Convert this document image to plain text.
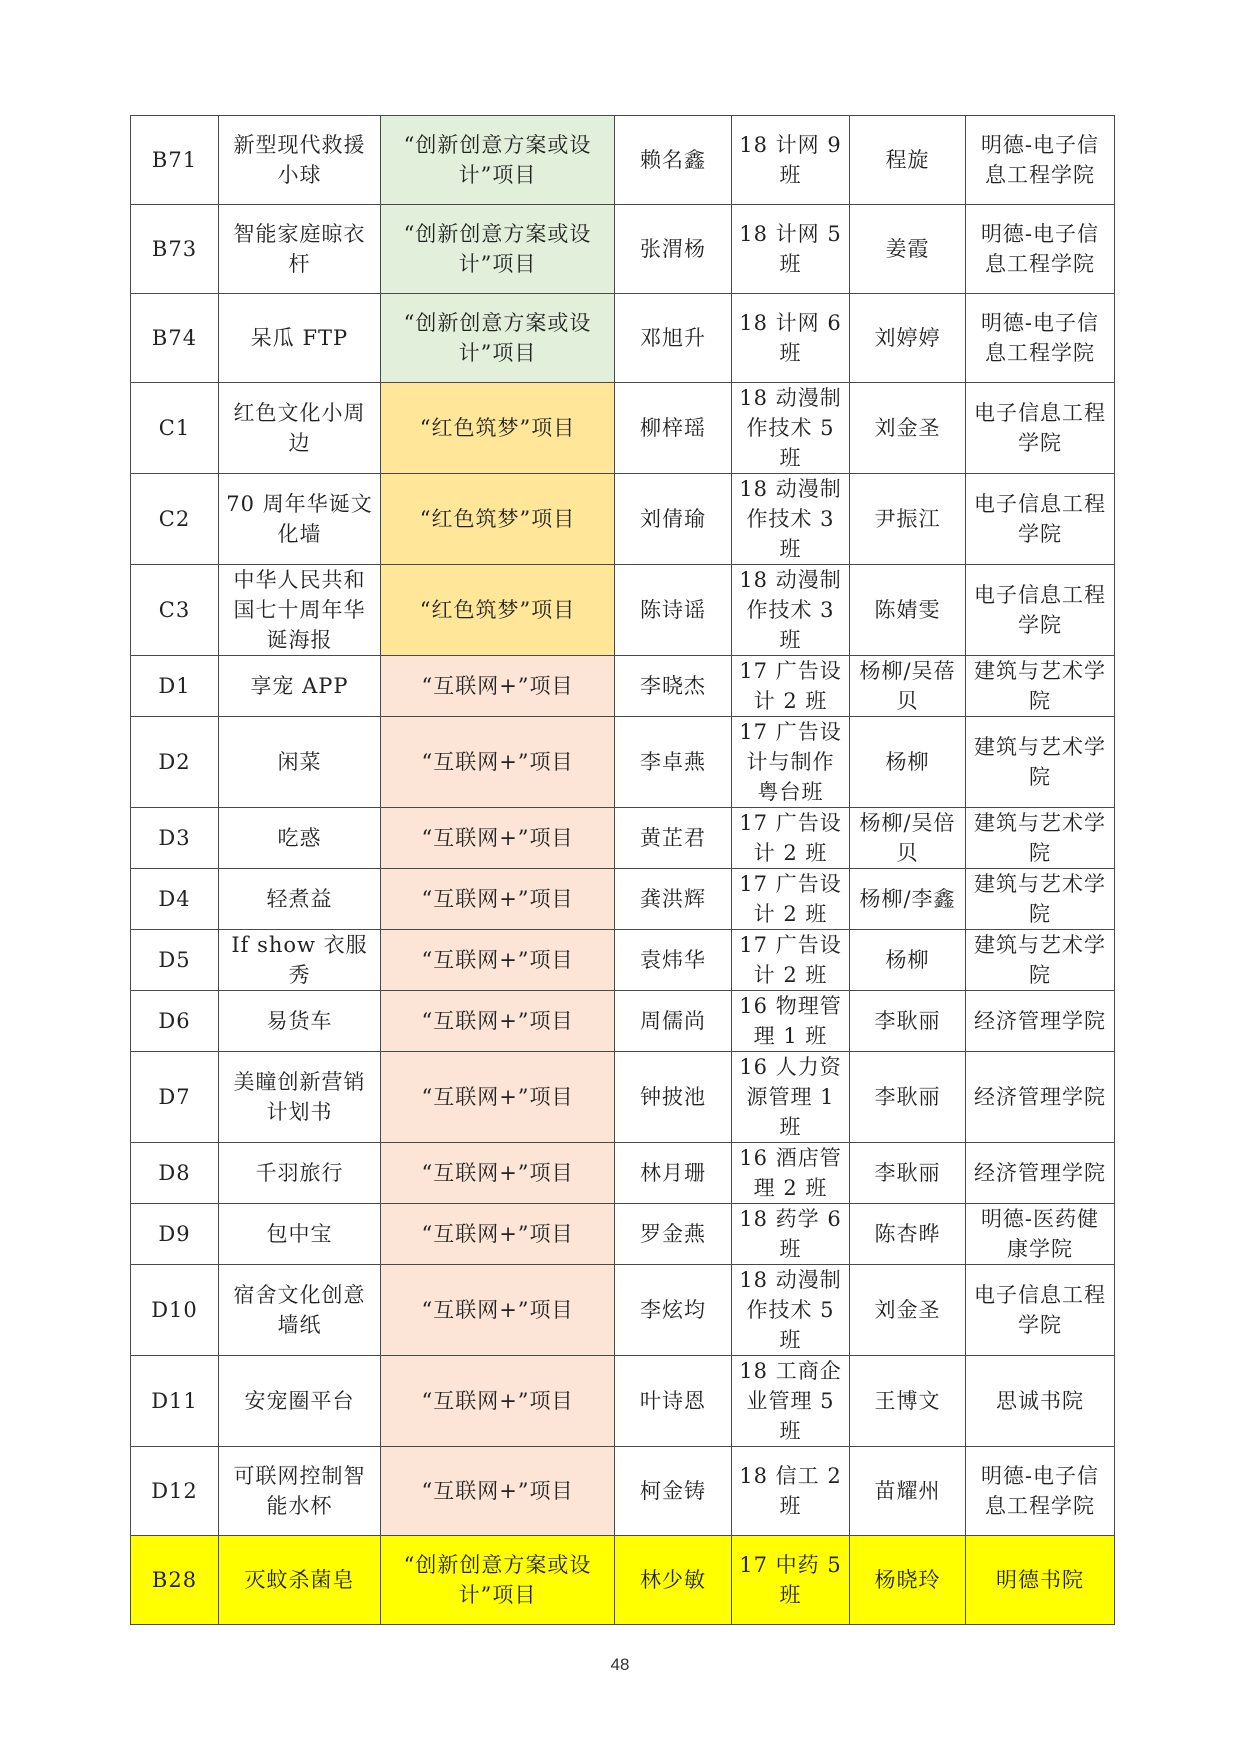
B71	新型现代救援小球	“创新创意方案或设计”项目	赖名鑫	18 计网 9 班	程旋	明德-电子信息工程学院
B73	智能家庭晾衣杆	“创新创意方案或设计”项目	张渭杨	18 计网 5 班	姜霞	明德-电子信息工程学院
B74	呆瓜 FTP	“创新创意方案或设计”项目	邓旭升	18 计网 6 班	刘婷婷	明德-电子信息工程学院
C1	红色文化小周边	“红色筑梦”项目	柳梓瑶	18 动漫制作技术 5 班	刘金圣	电子信息工程学院
C2	70 周年华诞文化墙	“红色筑梦”项目	刘倩瑜	18 动漫制作技术 3 班	尹振江	电子信息工程学院
C3	中华人民共和国七十周年华诞海报	“红色筑梦”项目	陈诗谣	18 动漫制作技术 3 班	陈婧雯	电子信息工程学院
D1	享宠 APP	“互联网+”项目	李晓杰	17 广告设计 2 班	杨柳/吴蓓贝	建筑与艺术学院
D2	闲菜	“互联网+”项目	李卓燕	17 广告设计与制作粤台班	杨柳	建筑与艺术学院
D3	吃惑	“互联网+”项目	黄芷君	17 广告设计 2 班	杨柳/吴倍贝	建筑与艺术学院
D4	轻煮益	“互联网+”项目	龚洪辉	17 广告设计 2 班	杨柳/李鑫	建筑与艺术学院
D5	If show 衣服秀	“互联网+”项目	袁炜华	17 广告设计 2 班	杨柳	建筑与艺术学院
D6	易货车	“互联网+”项目	周儒尚	16 物理管理 1 班	李耿丽	经济管理学院
D7	美瞳创新营销计划书	“互联网+”项目	钟披池	16 人力资源管理 1 班	李耿丽	经济管理学院
D8	千羽旅行	“互联网+”项目	林月珊	16 酒店管理 2 班	李耿丽	经济管理学院
D9	包中宝	“互联网+”项目	罗金燕	18 药学 6 班	陈杏晔	明德-医药健康学院
D10	宿舍文化创意墙纸	“互联网+”项目	李炫均	18 动漫制作技术 5 班	刘金圣	电子信息工程学院
D11	安宠圈平台	“互联网+”项目	叶诗恩	18 工商企业管理 5 班	王博文	思诚书院
D12	可联网控制智能水杯	“互联网+”项目	柯金铸	18 信工 2 班	苗耀州	明德-电子信息工程学院
B28	灭蚊杀菌皂	“创新创意方案或设计”项目	林少敏	17 中药 5 班	杨晓玲	明德书院
48
